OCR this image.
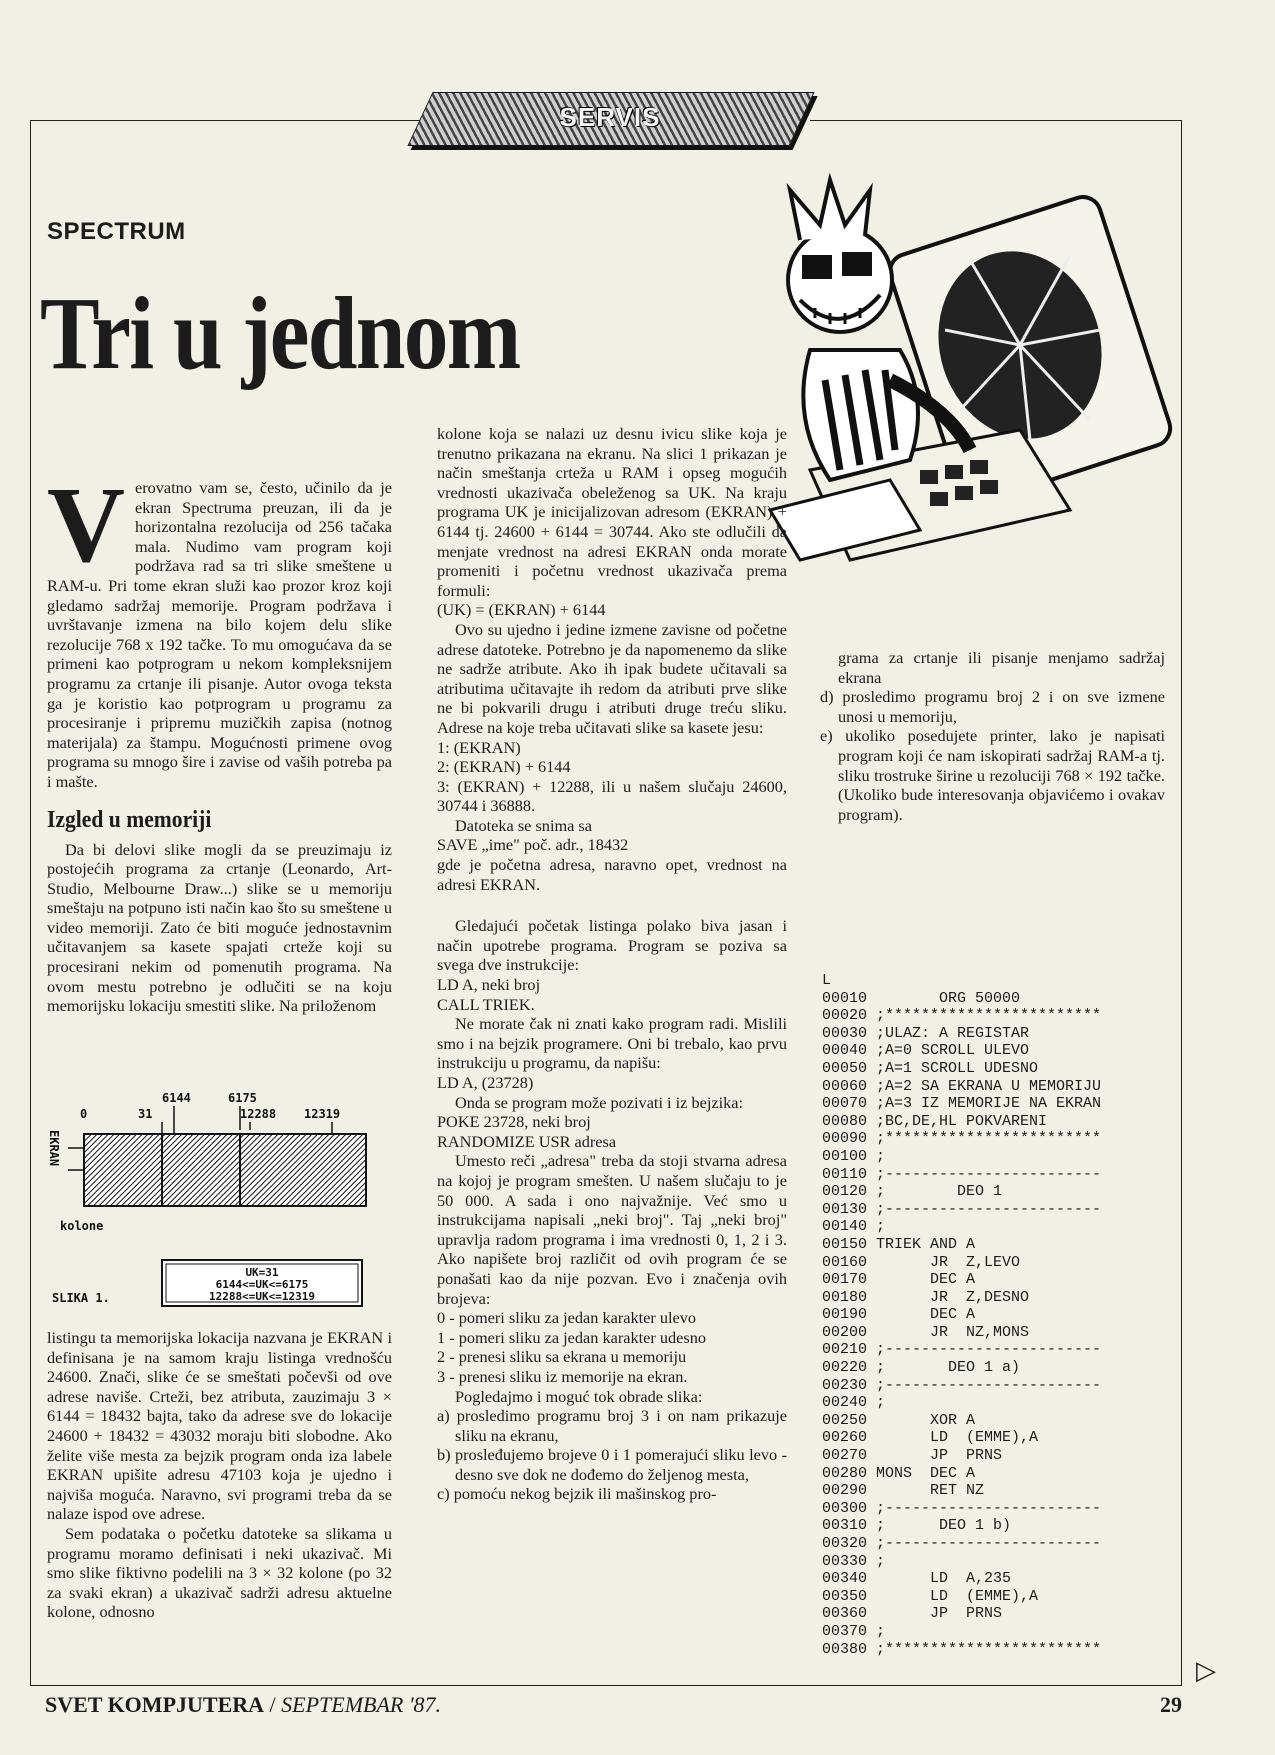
SERVIS
SPECTRUM
Tri u jednom
V erovatno vam se, često, učinilo da je ekran Spectruma preuzan, ili da je horizontalna rezolucija od 256 tačaka mala. Nudimo vam program koji podržava rad sa tri slike smeštene u RAM-u. Pri tome ekran služi kao prozor kroz koji gledamo sadržaj memorije. Program podržava i uvrštavanje izmena na bilo kojem delu slike rezolucije 768 x 192 tačke. To mu omogućava da se primeni kao potprogram u nekom kompleksnijem programu za crtanje ili pisanje. Autor ovoga teksta ga je koristio kao potprogram u programu za procesiranje i pripremu muzičkih zapisa (notnog materijala) za štampu. Mogućnosti primene ovog programa su mnogo šire i zavise od vaših potreba pa i mašte.

Izgled u memoriji

Da bi delovi slike mogli da se preuzimaju iz postojećih programa za crtanje (Leonardo, Art-Studio, Melbourne Draw...) slike se u memoriju smeštaju na potpuno isti način kao što su smeštene u video memoriji. Zato će biti moguće jednostavnim učitavanjem sa kasete spajati crteže koji su procesirani nekim od pomenutih programa. Na ovom mestu potrebno je odlučiti se na koju memorijsku lokaciju smestiti slike. Na priloženom

6144	6175
0	31	12288 12319
EKRAN
kolone
SLIKA 1.
UK=31
6144<=UK<=6175
12288<=UK<=12319

listingu ta memorijska lokacija nazvana je EKRAN i definisana je na samom kraju listinga vrednošću 24600. Znači, slike će se smeštati počevši od ove adrese naviše. Crteži, bez atributa, zauzimaju 3 × 6144 = 18432 bajta, tako da adrese sve do lokacije 24600 + 18432 = 43032 moraju biti slobodne. Ako želite više mesta za bejzik program onda iza labele EKRAN upišite adresu 47103 koja je ujedno i najviša moguća. Naravno, svi programi treba da se nalaze ispod ove adrese.

Sem podataka o početku datoteke sa slikama u programu moramo definisati i neki ukazivač. Mi smo slike fiktivno podelili na 3 × 32 kolone (po 32 za svaki ekran) a ukazivač sadrži adresu aktuelne kolone, odnosno

kolone koja se nalazi uz desnu ivicu slike koja je trenutno prikazana na ekranu. Na slici 1 prikazan je način smeštanja crteža u RAM i opseg mogućih vrednosti ukazivača obeleženog sa UK. Na kraju programa UK je inicijalizovan adresom (EKRAN) + 6144 tj. 24600 + 6144 = 30744. Ako ste odlučili da menjate vrednost na adresi EKRAN onda morate promeniti i početnu vrednost ukazivača prema formuli:

(UK) = (EKRAN) + 6144

Ovo su ujedno i jedine izmene zavisne od početne adrese datoteke. Potrebno je da napomenemo da slike ne sadrže atribute. Ako ih ipak budete učitavali sa atributima učitavajte ih redom da atributi prve slike ne bi pokvarili drugu i atributi druge treću sliku. Adrese na koje treba učitavati slike sa kasete jesu:

1: (EKRAN)

2: (EKRAN) + 6144

3: (EKRAN) + 12288, ili u našem slučaju 24600, 30744 i 36888.

Datoteka se snima sa

SAVE „ime" poč. adr., 18432

gde je početna adresa, naravno opet, vrednost na adresi EKRAN.

Gledajući početak listinga polako biva jasan i način upotrebe programa. Program se poziva sa svega dve instrukcije:

LD A, neki broj

CALL TRIEK.

Ne morate čak ni znati kako program radi. Mislili smo i na bejzik programere. Oni bi trebalo, kao prvu instrukciju u programu, da napišu:

LD A, (23728)

Onda se program može pozivati i iz bejzika:

POKE 23728, neki broj

RANDOMIZE USR adresa

Umesto reči „adresa" treba da stoji stvarna adresa na kojoj je program smešten. U našem slučaju to je 50 000. A sada i ono najvažnije. Već smo u instrukcijama napisali „neki broj". Taj „neki broj" upravlja radom programa i ima vrednosti 0, 1, 2 i 3. Ako napišete broj različit od ovih program će se ponašati kao da nije pozvan. Evo i značenja ovih brojeva:

0 - pomeri sliku za jedan karakter ulevo

1 - pomeri sliku za jedan karakter udesno

2 - prenesi sliku sa ekrana u memoriju

3 - prenesi sliku iz memorije na ekran.

Pogledajmo i moguć tok obrade slika:

a) prosledimo programu broj 3 i on nam prikazuje sliku na ekranu,

b) prosleđujemo brojeve 0 i 1 pomerajući sliku levo - desno sve dok ne dođemo do željenog mesta,

c) pomoću nekog bejzik ili mašinskog pro-

grama za crtanje ili pisanje menjamo sadržaj ekrana

d) prosledimo programu broj 2 i on sve izmene unosi u memoriju,

e) ukoliko posedujete printer, lako je napisati program koji će nam iskopirati sadržaj RAM-a tj. sliku trostruke širine u rezoluciji 768 × 192 tačke. (Ukoliko bude interesovanja objavićemo i ovakav program).

L
00010        ORG 50000
00020 ;************************
00030 ;ULAZ: A REGISTAR
00040 ;A=0 SCROLL ULEVO
00050 ;A=1 SCROLL UDESNO
00060 ;A=2 SA EKRANA U MEMORIJU
00070 ;A=3 IZ MEMORIJE NA EKRAN
00080 ;BC,DE,HL POKVARENI
00090 ;************************
00100 ;
00110 ;------------------------
00120 ;        DEO 1
00130 ;------------------------
00140 ;
00150 TRIEK AND A
00160       JR  Z,LEVO
00170       DEC A
00180       JR  Z,DESNO
00190       DEC A
00200       JR  NZ,MONS
00210 ;------------------------
00220 ;       DEO 1 a)
00230 ;------------------------
00240 ;
00250       XOR A
00260       LD  (EMME),A
00270       JP  PRNS
00280 MONS  DEC A
00290       RET NZ
00300 ;------------------------
00310 ;      DEO 1 b)
00320 ;------------------------
00330 ;
00340       LD  A,235
00350       LD  (EMME),A
00360       JP  PRNS
00370 ;
00380 ;************************
SVET KOMPJUTERA / SEPTEMBAR '87.	29
▷
